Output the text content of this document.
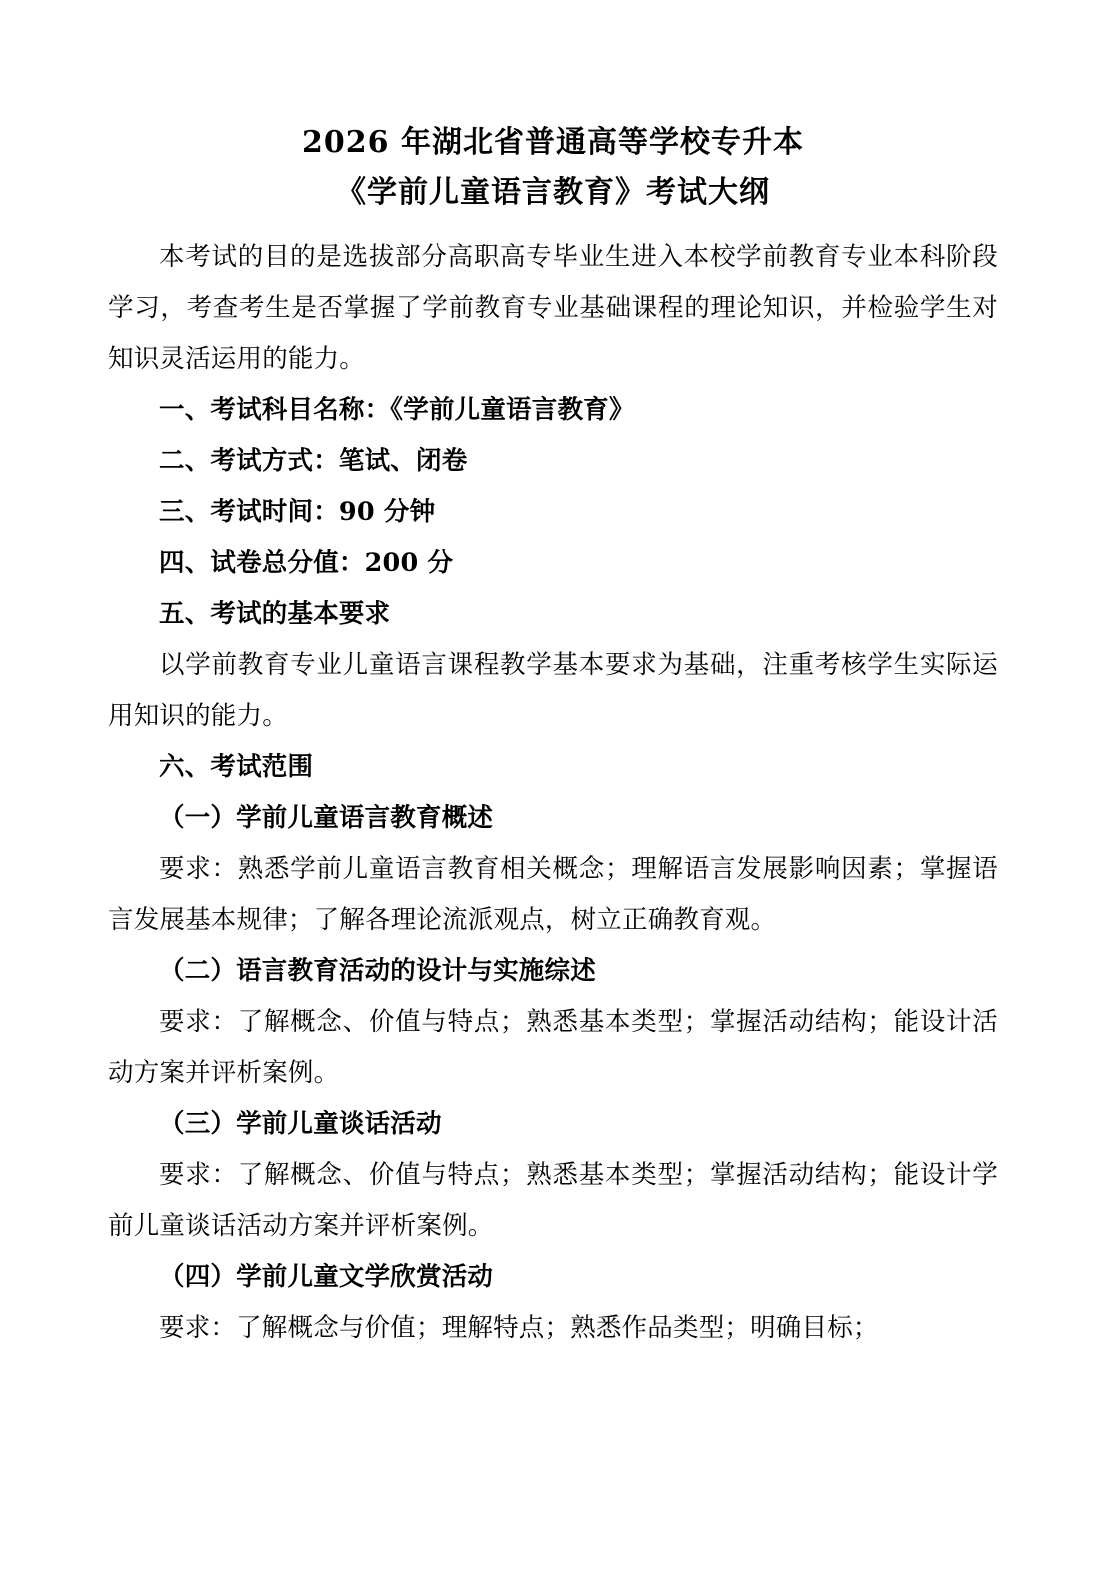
2026 年湖北省普通高等学校专升本
《学前儿童语言教育》考试大纲

本考试的目的是选拔部分高职高专毕业生进入本校学前教育专业本科阶段学习，考查考生是否掌握了学前教育专业基础课程的理论知识，并检验学生对知识灵活运用的能力。

一、考试科目名称：《学前儿童语言教育》

二、考试方式：笔试、闭卷

三、考试时间：90 分钟

四、试卷总分值：200 分

五、考试的基本要求

以学前教育专业儿童语言课程教学基本要求为基础，注重考核学生实际运用知识的能力。

六、考试范围

（一）学前儿童语言教育概述

要求：熟悉学前儿童语言教育相关概念；理解语言发展影响因素；掌握语言发展基本规律；了解各理论流派观点，树立正确教育观。

（二）语言教育活动的设计与实施综述

要求：了解概念、价值与特点；熟悉基本类型；掌握活动结构；能设计活动方案并评析案例。

（三）学前儿童谈话活动

要求：了解概念、价值与特点；熟悉基本类型；掌握活动结构；能设计学前儿童谈话活动方案并评析案例。

（四）学前儿童文学欣赏活动

要求：了解概念与价值；理解特点；熟悉作品类型；明确目标；
